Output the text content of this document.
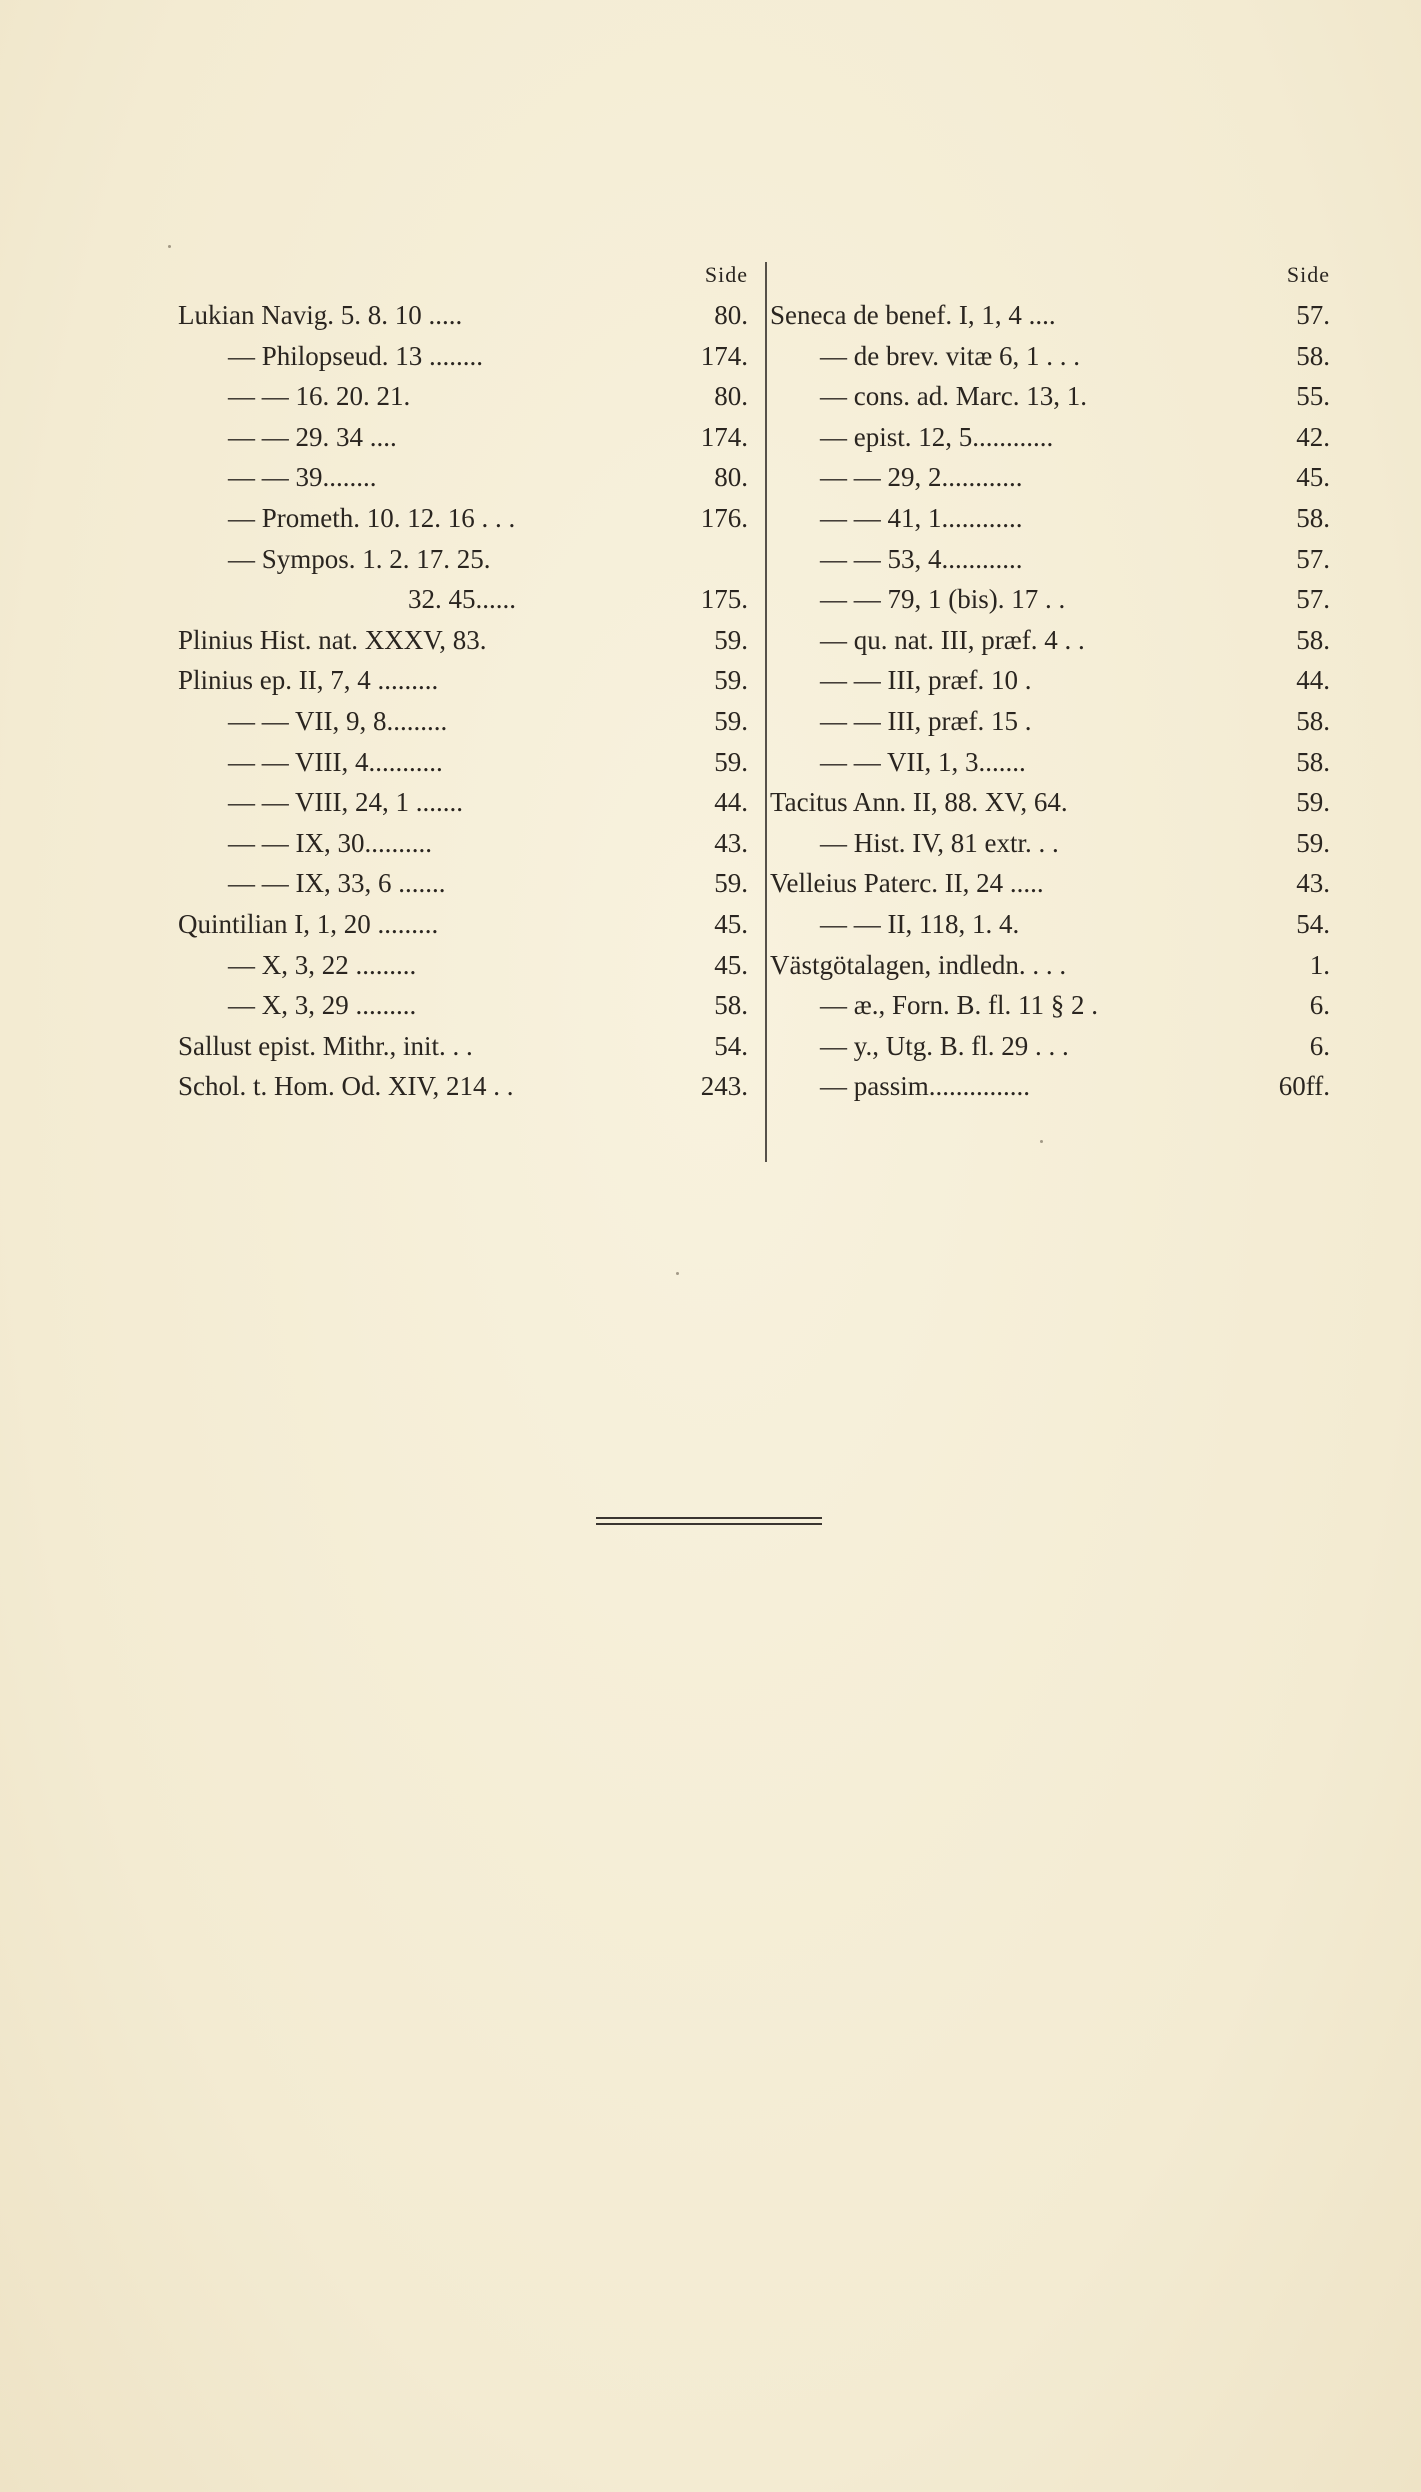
Side
Lukian Navig. 5. 8. 10 .....	80.
— Philopseud. 13 ........	174.
— — 16. 20. 21.	80.
— — 29. 34 ....	174.
— — 39........	80.
— Prometh. 10. 12. 16 . . .	176.
— Sympos. 1. 2. 17. 25.
32. 45......	175.
Plinius Hist. nat. XXXV, 83.	59.
Plinius ep. II, 7, 4 .........	59.
— — VII, 9, 8.........	59.
— — VIII, 4...........	59.
— — VIII, 24, 1 .......	44.
— — IX, 30..........	43.
— — IX, 33, 6 .......	59.
Quintilian I, 1, 20 .........	45.
— X, 3, 22 .........	45.
— X, 3, 29 .........	58.
Sallust epist. Mithr., init. . .	54.
Schol. t. Hom. Od. XIV, 214 . .	243.
Side
Seneca de benef. I, 1, 4 ....	57.
— de brev. vitæ 6, 1 . . .	58.
— cons. ad. Marc. 13, 1.	55.
— epist. 12, 5............	42.
— — 29, 2............	45.
— — 41, 1............	58.
— — 53, 4............	57.
— — 79, 1 (bis). 17 . .	57.
— qu. nat. III, præf. 4 . .	58.
— — III, præf. 10 .	44.
— — III, præf. 15 .	58.
— — VII, 1, 3.......	58.
Tacitus Ann. II, 88. XV, 64.	59.
— Hist. IV, 81 extr. . .	59.
Velleius Paterc. II, 24 .....	43.
— — II, 118, 1. 4.	54.
Västgötalagen, indledn. . . .	1.
— æ., Forn. B. fl. 11 § 2 .	6.
— y., Utg. B. fl. 29 . . .	6.
— passim...............	60ff.
